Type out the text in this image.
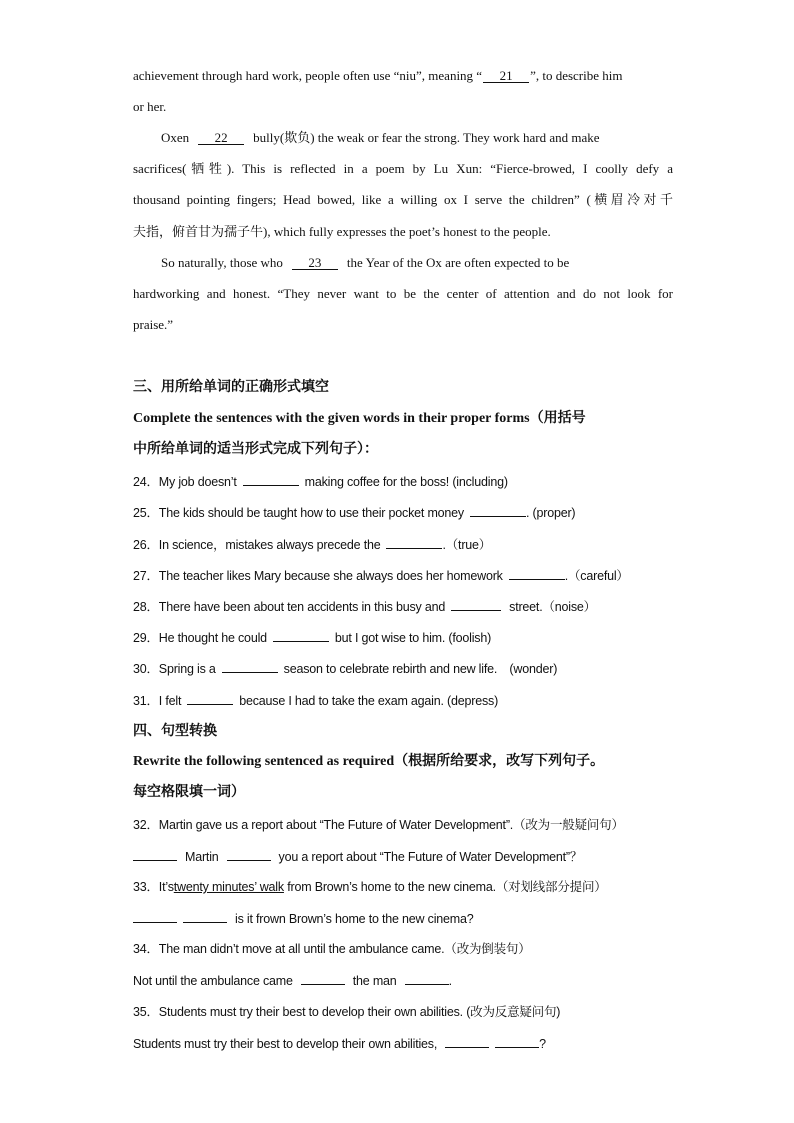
achievement through hard work, people often use “niu”, meaning “ 21 ”, to describe him
or her.
Oxen 22 bully(欺负) the weak or fear the strong. They work hard and make
sacrifices(牺牲). This is reflected in a poem by Lu Xun: “Fierce-browed, I coolly defy a
thousand pointing fingers; Head bowed, like a willing ox I serve the children” (横眉冷对千
夫指，俯首甘为孺子牛), which fully expresses the poet’s honest to the people.
So naturally, those who 23 the Year of the Ox are often expected to be
hardworking and honest. “They never want to be the center of attention and do not look for
praise.”
三、用所给单词的正确形式填空
Complete the sentences with the given words in their proper forms（用括号
中所给单词的适当形式完成下列句子）：
24．My job doesn’t	making coffee for the boss! (including)
25．The kids should be taught how to use their pocket money	. (proper)
26．In science，mistakes always precede the	.（true）
27．The teacher likes Mary because she always does her homework	.（careful）
28．There have been about ten accidents in this busy and	street.（noise）
29．He thought he could	but I got wise to him. (foolish)
30．Spring is a	season to celebrate rebirth and new life.　(wonder)
31．I felt	because I had to take the exam again. (depress)
四、句型转换
Rewrite the following sentenced as required（根据所给要求，改写下列句子。
每空格限填一词）
32．Martin gave us a report about “The Future of Water Development”.（改为一般疑问句）
Martin	you a report about “The Future of Water Development”？
33．It’stwenty minutes’ walk from Brown’s home to the new cinema.（对划线部分提问）
is it frown Brown’s home to the new cinema?
34．The man didn’t move at all until the ambulance came.（改为倒装句）
Not until the ambulance came	the man	.
35．Students must try their best to develop their own abilities. (改为反意疑问句)
Students must try their best to develop their own abilities,	?
